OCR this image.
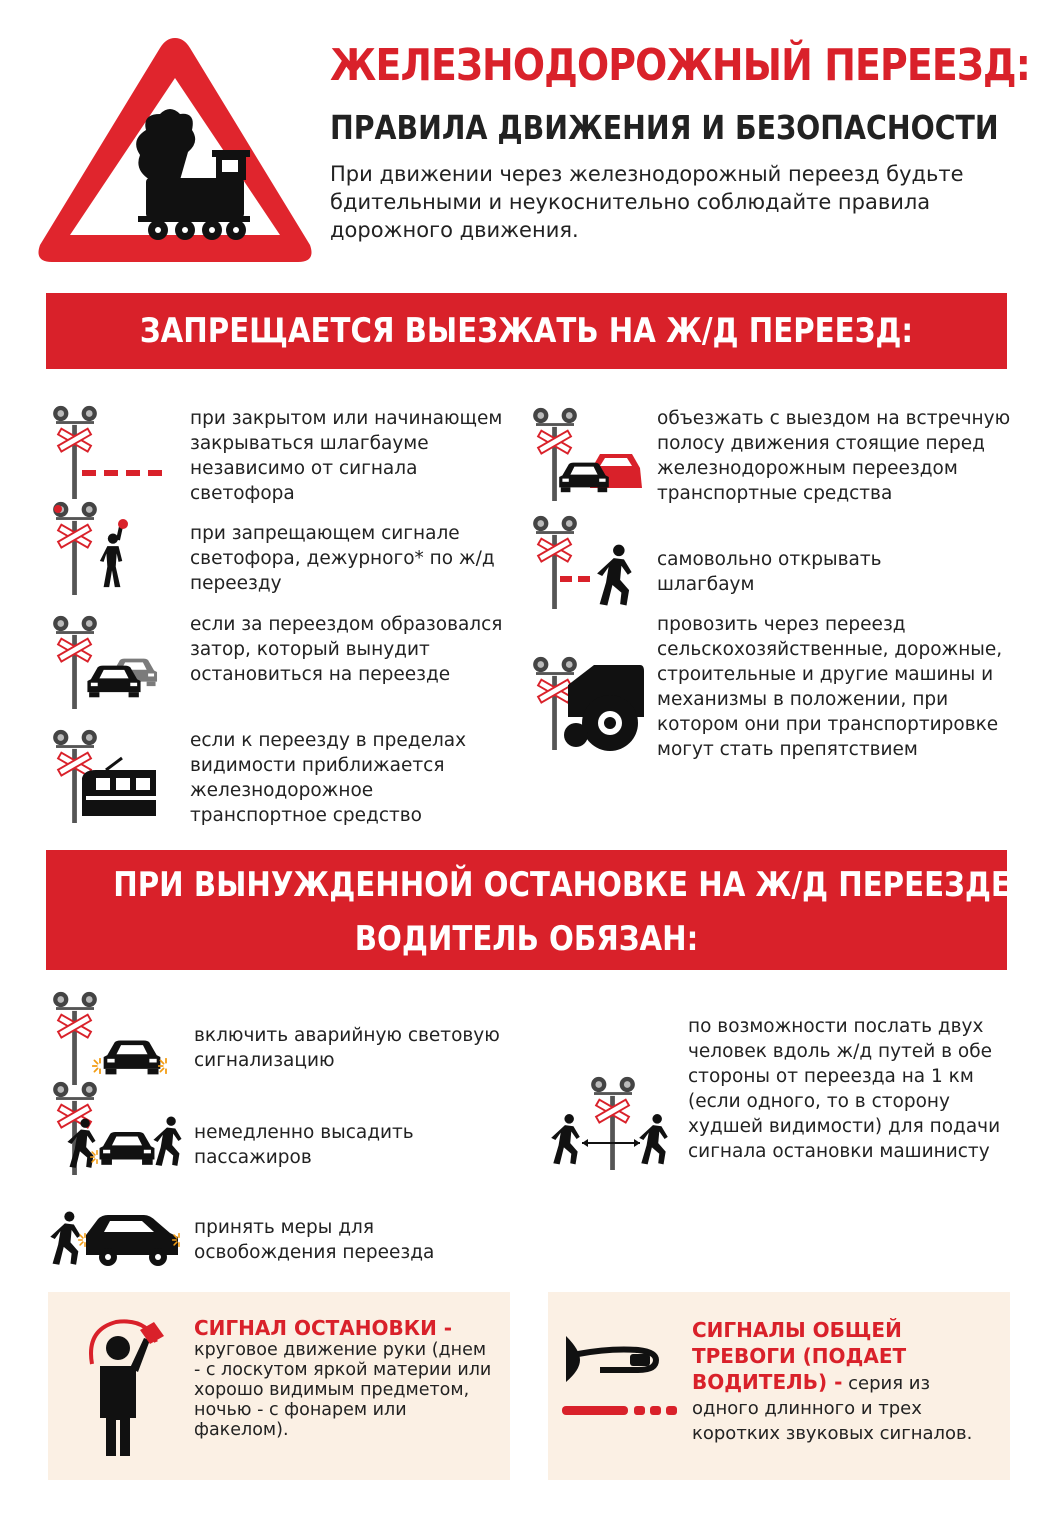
ЖЕЛЕЗНОДОРОЖНЫЙ ПЕРЕЕЗД:
ПРАВИЛА ДВИЖЕНИЯ И БЕЗОПАСНОСТИ
При движении через железнодорожный переезд будьте бдительными и неукоснительно соблюдайте правила дорожного движения.
ЗАПРЕЩАЕТСЯ ВЫЕЗЖАТЬ НА Ж/Д ПЕРЕЕЗД:
при закрытом или начинающем закрываться шлагбауме независимо от сигнала светофора
при запрещающем сигнале светофора, дежурного* по ж/д переезду
если за переездом образовался затор, который вынудит остановиться на переезде
если к переезду в пределах видимости приближается железнодорожное транспортное средство
объезжать с выездом на встречную полосу движения стоящие перед железнодорожным переездом транспортные средства
самовольно открывать шлагбаум
провозить через переезд сельскохозяйственные, дорожные, строительные и другие машины и механизмы в положении, при котором они при транспортировке могут стать препятствием
ПРИ ВЫНУЖДЕННОЙ ОСТАНОВКЕ НА Ж/Д ПЕРЕЕЗДЕ
ВОДИТЕЛЬ ОБЯЗАН:
включить аварийную световую сигнализацию
немедленно высадить пассажиров
принять меры для освобождения переезда
по возможности послать двух человек вдоль ж/д путей в обе стороны от переезда на 1 км (если одного, то в сторону худшей видимости) для подачи сигнала остановки машинисту
СИГНАЛ ОСТАНОВКИ -
круговое движение руки (днем - с лоскутом яркой материи или хорошо видимым предметом, ночью - с фонарем или факелом).
СИГНАЛЫ ОБЩЕЙ ТРЕВОГИ (ПОДАЕТ ВОДИТЕЛЬ) - серия из одного длинного и трех коротких звуковых сигналов.
